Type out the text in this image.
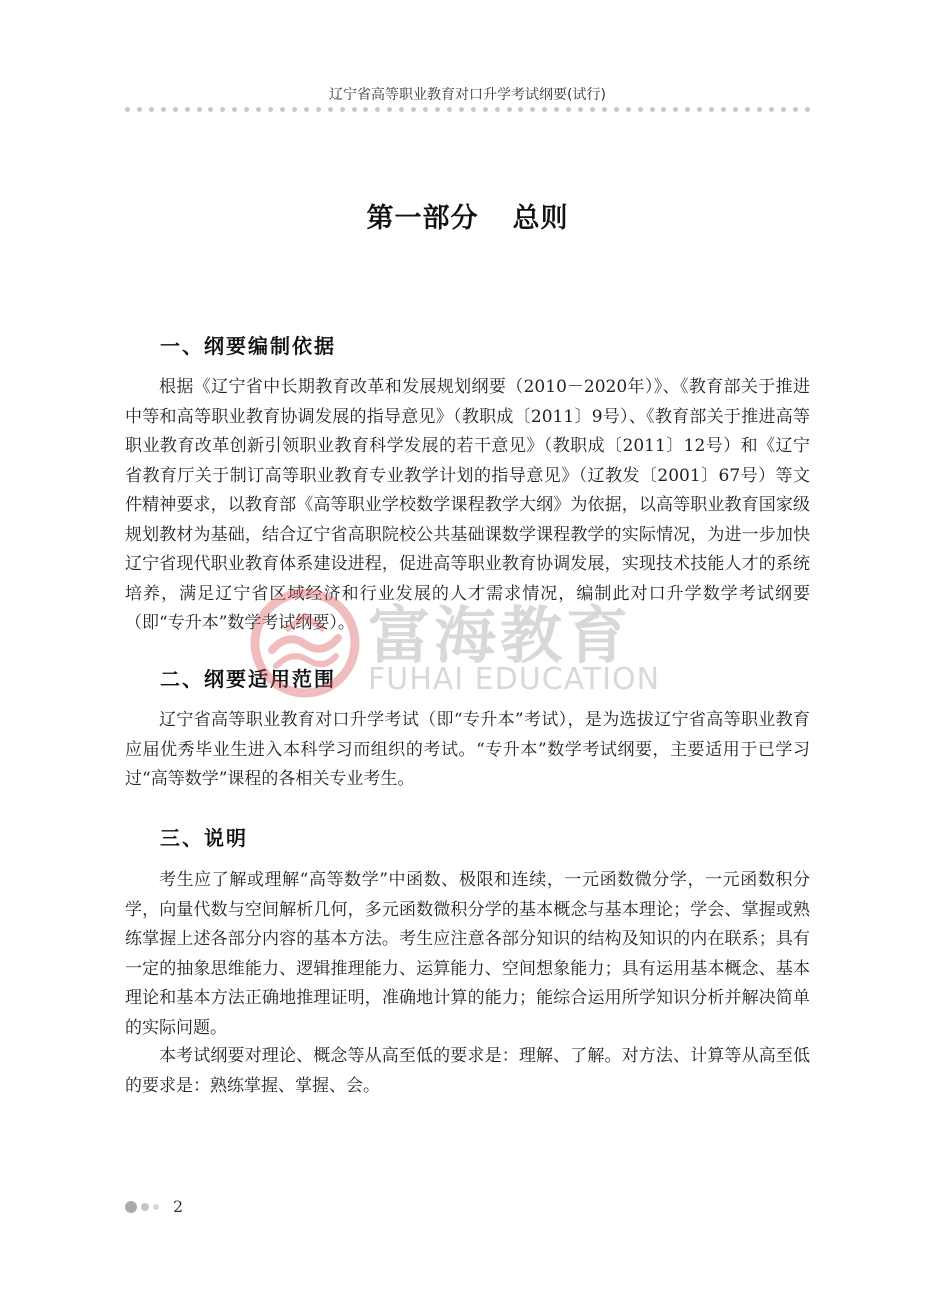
辽宁省高等职业教育对口升学考试纲要(试行)
第一部分 总则
一、纲要编制依据

根据《辽宁省中长期教育改革和发展规划纲要（2010－2020年）》、《教育部关于推进中等和高等职业教育协调发展的指导意见》（教职成〔2011〕9号）、《教育部关于推进高等职业教育改革创新引领职业教育科学发展的若干意见》（教职成〔2011〕12号）和《辽宁省教育厅关于制订高等职业教育专业教学计划的指导意见》（辽教发〔2001〕67号）等文件精神要求，以教育部《高等职业学校数学课程教学大纲》为依据，以高等职业教育国家级规划教材为基础，结合辽宁省高职院校公共基础课数学课程教学的实际情况，为进一步加快辽宁省现代职业教育体系建设进程，促进高等职业教育协调发展，实现技术技能人才的系统培养，满足辽宁省区域经济和行业发展的人才需求情况，编制此对口升学数学考试纲要（即“专升本”数学考试纲要）。

二、纲要适用范围

辽宁省高等职业教育对口升学考试（即“专升本”考试），是为选拔辽宁省高等职业教育应届优秀毕业生进入本科学习而组织的考试。“专升本”数学考试纲要，主要适用于已学习过“高等数学”课程的各相关专业考生。

三、说明

考生应了解或理解“高等数学”中函数、极限和连续，一元函数微分学，一元函数积分学，向量代数与空间解析几何，多元函数微积分学的基本概念与基本理论；学会、掌握或熟练掌握上述各部分内容的基本方法。考生应注意各部分知识的结构及知识的内在联系；具有一定的抽象思维能力、逻辑推理能力、运算能力、空间想象能力；具有运用基本概念、基本理论和基本方法正确地推理证明，准确地计算的能力；能综合运用所学知识分析并解决简单的实际问题。

本考试纲要对理论、概念等从高至低的要求是：理解、了解。对方法、计算等从高至低的要求是：熟练掌握、掌握、会。

富海教育
FUHAI EDUCATION
2
